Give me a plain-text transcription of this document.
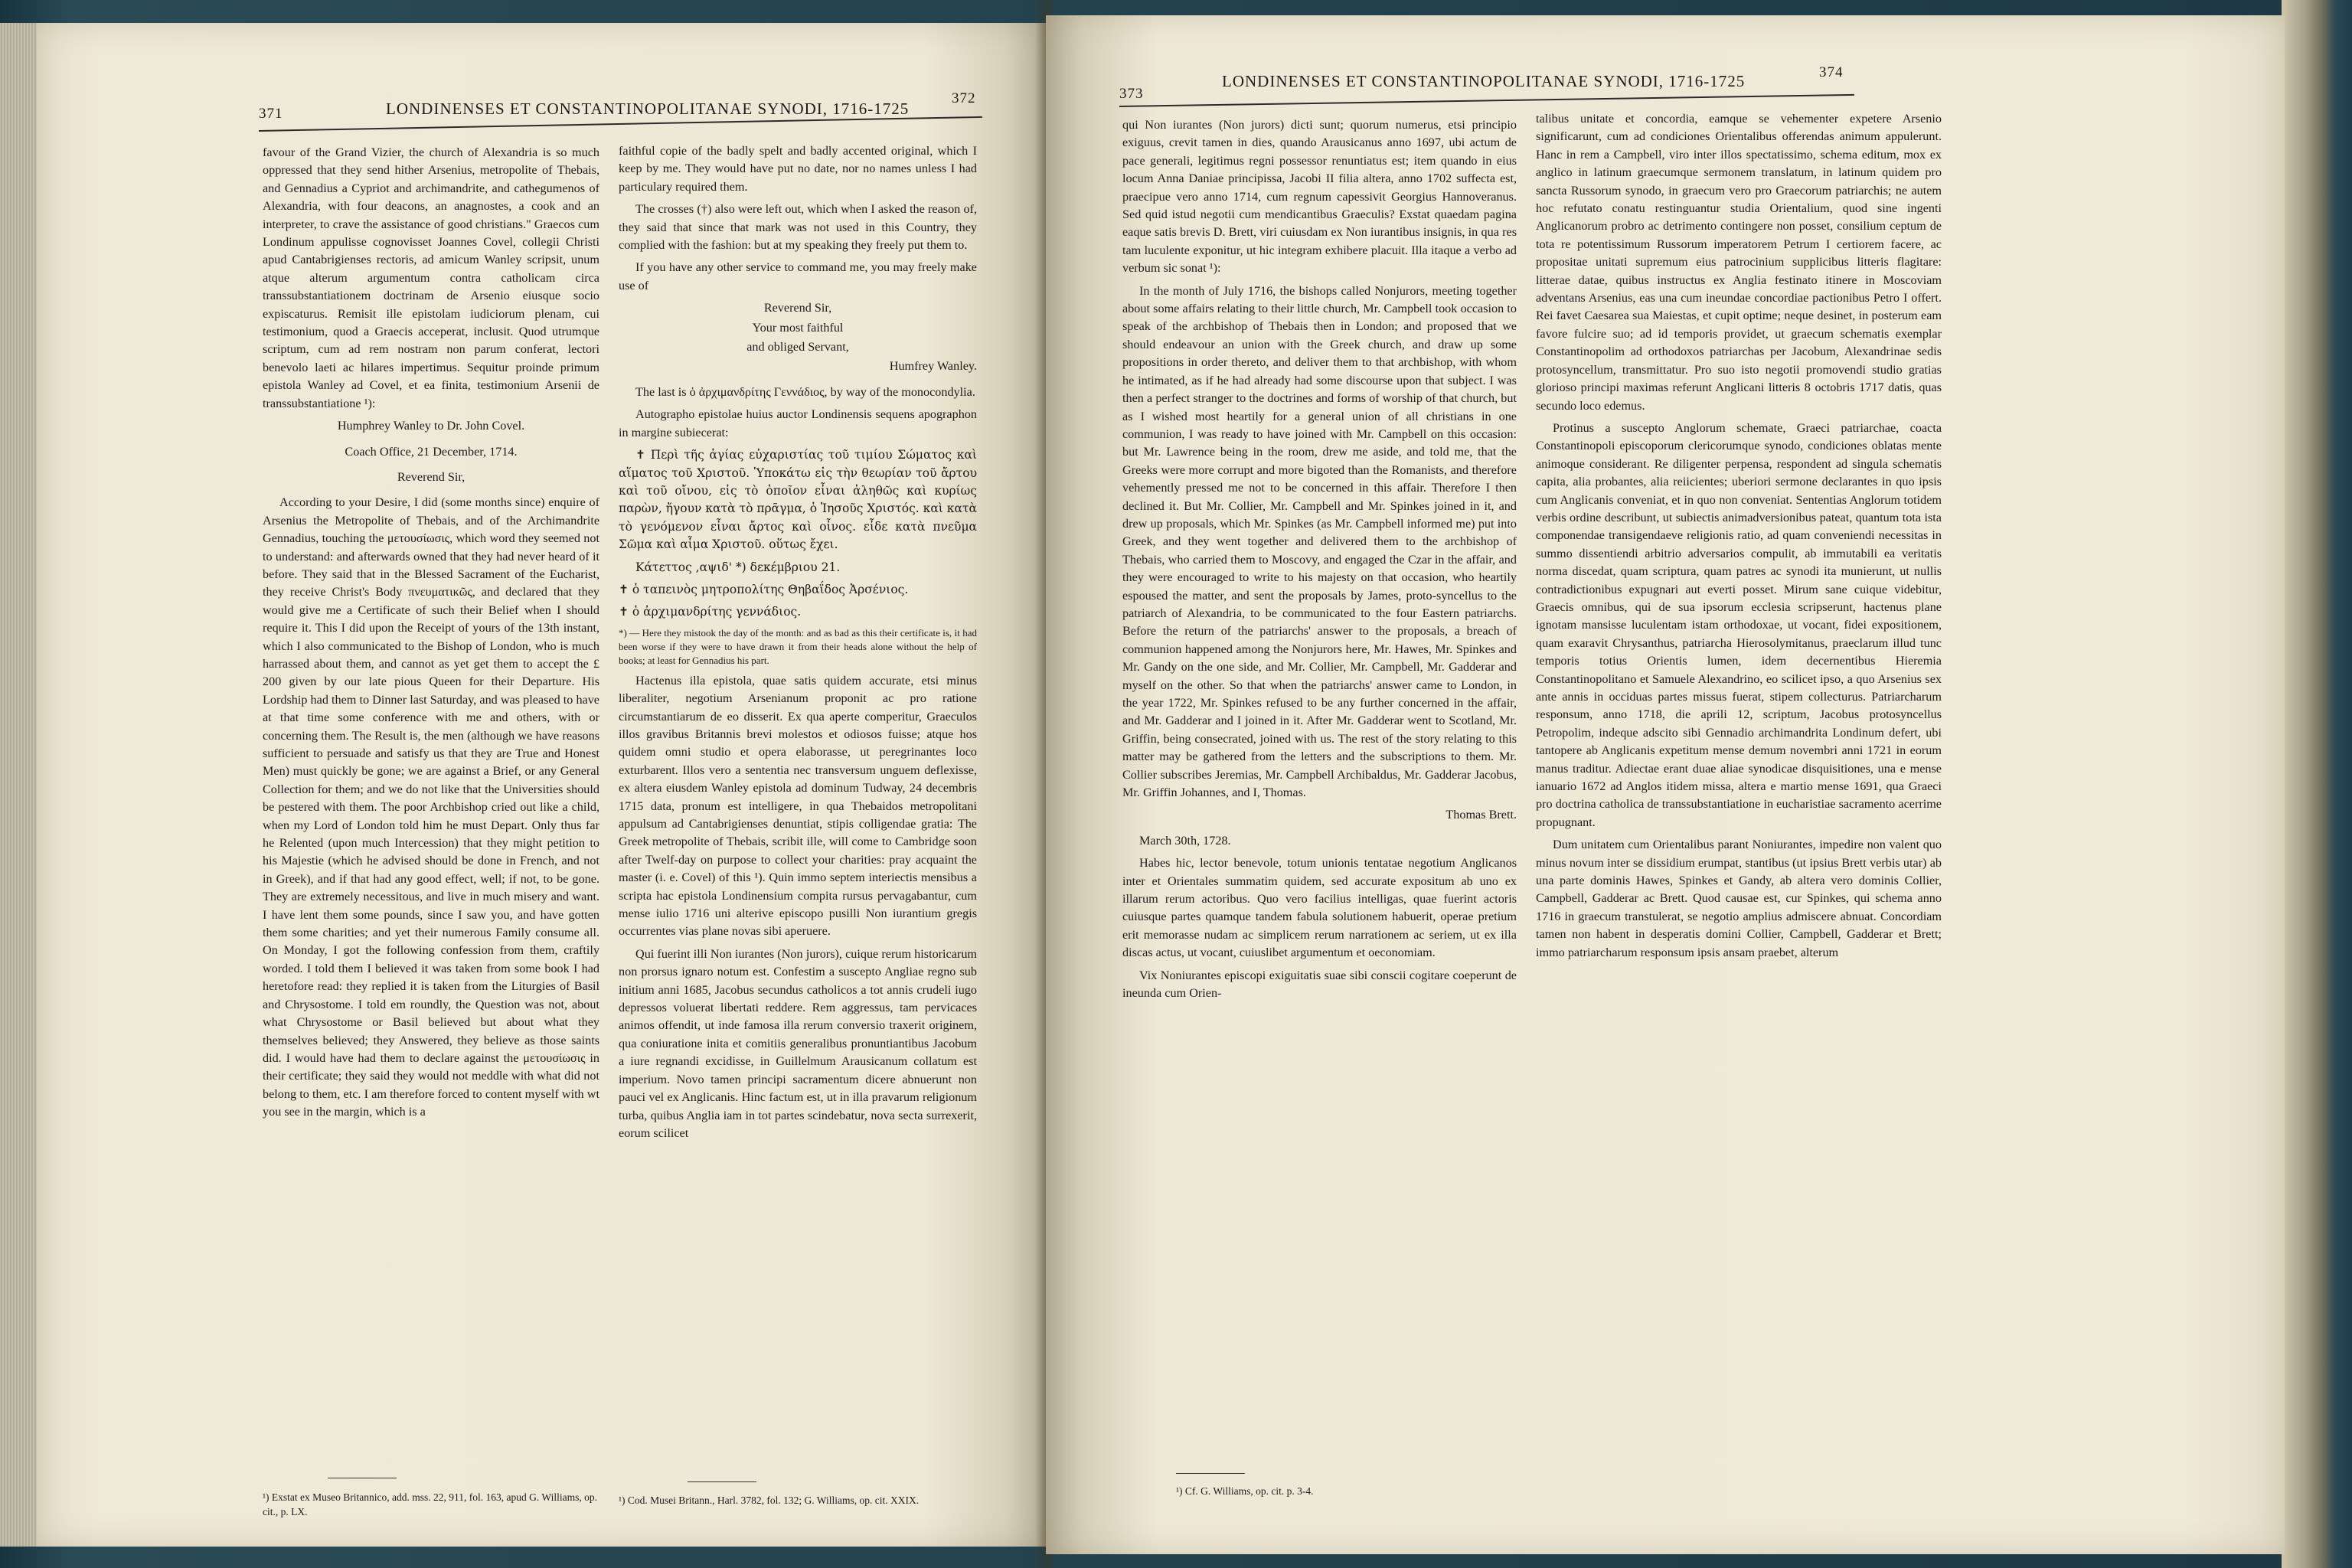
371	LONDINENSES ET CONSTANTINOPOLITANAE SYNODI, 1716-1725
372

favour of the Grand Vizier, the church of Alexandria is so much oppressed that they send hither Arsenius, metropolite of Thebais, and Gennadius a Cypriot and archimandrite, and cathegumenos of Alexandria, with four deacons, an anagnostes, a cook and an interpreter, to crave the assistance of good christians." Graecos cum Londinum appulisse cognovisset Joannes Covel, collegii Christi apud Cantabrigienses rectoris, ad amicum Wanley scripsit, unum atque alterum argumentum contra catholicam circa transsubstantiationem doctrinam de Arsenio eiusque socio expiscaturus. Remisit ille epistolam iudiciorum plenam, cui testimonium, quod a Graecis acceperat, inclusit. Quod utrumque scriptum, cum ad rem nostram non parum conferat, lectori benevolo laeti ac hilares impertimus. Sequitur proinde primum epistola Wanley ad Covel, et ea finita, testimonium Arsenii de transsubstantiatione ¹):

Humphrey Wanley to Dr. John Covel.

Coach Office, 21 December, 1714.

Reverend Sir,

According to your Desire, I did (some months since) enquire of Arsenius the Metropolite of Thebais, and of the Archimandrite Gennadius, touching the μετουσίωσις, which word they seemed not to understand: and afterwards owned that they had never heard of it before. They said that in the Blessed Sacrament of the Eucharist, they receive Christ's Body πνευματικῶς, and declared that they would give me a Certificate of such their Belief when I should require it. This I did upon the Receipt of yours of the 13th instant, which I also communicated to the Bishop of London, who is much harrassed about them, and cannot as yet get them to accept the £ 200 given by our late pious Queen for their Departure. His Lordship had them to Dinner last Saturday, and was pleased to have at that time some conference with me and others, with or concerning them. The Result is, the men (although we have reasons sufficient to persuade and satisfy us that they are True and Honest Men) must quickly be gone; we are against a Brief, or any General Collection for them; and we do not like that the Universities should be pestered with them. The poor Archbishop cried out like a child, when my Lord of London told him he must Depart. Only thus far he Relented (upon much Intercession) that they might petition to his Majestie (which he advised should be done in French, and not in Greek), and if that had any good effect, well; if not, to be gone. They are extremely necessitous, and live in much misery and want. I have lent them some pounds, since I saw you, and have gotten them some charities; and yet their numerous Family consume all. On Monday, I got the following confession from them, craftily worded. I told them I believed it was taken from some book I had heretofore read: they replied it is taken from the Liturgies of Basil and Chrysostome. I told em roundly, the Question was not, about what Chrysostome or Basil believed but about what they themselves believed; they Answered, they believe as those saints did. I would have had them to declare against the μετουσίωσις in their certificate; they said they would not meddle with what did not belong to them, etc. I am therefore forced to content myself with wt you see in the margin, which is a

¹) Exstat ex Museo Britannico, add. mss. 22, 911, fol. 163, apud G. Williams, op. cit., p. LX.

faithful copie of the badly spelt and badly accented original, which I keep by me. They would have put no date, nor no names unless I had particulary required them.

The crosses (†) also were left out, which when I asked the reason of, they said that since that mark was not used in this Country, they complied with the fashion: but at my speaking they freely put them to.

If you have any other service to command me, you may freely make use of

Reverend Sir,

Your most faithful

and obliged Servant,

Humfrey Wanley.

The last is ὁ ἀρχιμανδρίτης Γεννάδιος, by way of the monocondylia.

Autographo epistolae huius auctor Londinensis sequens apographon in margine subiecerat:

✝ Περὶ τῆς ἁγίας εὐχαριστίας τοῦ τιμίου Σώματος καὶ αἵματος τοῦ Χριστοῦ. Ὑποκάτω εἰς τὴν θεωρίαν τοῦ ἄρτου καὶ τοῦ οἴνου, εἰς τὸ ὁποῖον εἶναι ἀληθῶς καὶ κυρίως παρὼν, ἤγουν κατὰ τὸ πρᾶγμα, ὁ Ἰησοῦς Χριστός. καὶ κατὰ τὸ γενόμενον εἶναι ἄρτος καὶ οἶνος. εἶδε κατὰ πνεῦμα Σῶμα καὶ αἷμα Χριστοῦ. οὕτως ἔχει.

Κάτεττος ,αψιδ' *) δεκέμβριου 21.

✝ ὁ ταπεινὸς μητροπολίτης Θηβαΐδος Ἀρσένιος.

✝ ὁ ἀρχιμανδρίτης γεννάδιος.

*) — Here they mistook the day of the month: and as bad as this their certificate is, it had been worse if they were to have drawn it from their heads alone without the help of books; at least for Gennadius his part.

Hactenus illa epistola, quae satis quidem accurate, etsi minus liberaliter, negotium Arsenianum proponit ac pro ratione circumstantiarum de eo disserit. Ex qua aperte comperitur, Graeculos illos gravibus Britannis brevi molestos et odiosos fuisse; atque hos quidem omni studio et opera elaborasse, ut peregrinantes loco exturbarent. Illos vero a sententia nec transversum unguem deflexisse, ex altera eiusdem Wanley epistola ad dominum Tudway, 24 decembris 1715 data, pronum est intelligere, in qua Thebaidos metropolitani appulsum ad Cantabrigienses denuntiat, stipis colligendae gratia: The Greek metropolite of Thebais, scribit ille, will come to Cambridge soon after Twelf-day on purpose to collect your charities: pray acquaint the master (i. e. Covel) of this ¹). Quin immo septem interiectis mensibus a scripta hac epistola Londinensium compita rursus pervagabantur, cum mense iulio 1716 uni alterive episcopo pusilli Non iurantium gregis occurrentes vias plane novas sibi aperuere.

Qui fuerint illi Non iurantes (Non jurors), cuique rerum historicarum non prorsus ignaro notum est. Confestim a suscepto Angliae regno sub initium anni 1685, Jacobus secundus catholicos a tot annis crudeli iugo depressos voluerat libertati reddere. Rem aggressus, tam pervicaces animos offendit, ut inde famosa illa rerum conversio traxerit originem, qua coniuratione inita et comitiis generalibus pronuntiantibus Jacobum a iure regnandi excidisse, in Guillelmum Arausicanum collatum est imperium. Novo tamen principi sacramentum dicere abnuerunt non pauci vel ex Anglicanis. Hinc factum est, ut in illa pravarum religionum turba, quibus Anglia iam in tot partes scindebatur, nova secta surrexerit, eorum scilicet

¹) Cod. Musei Britann., Harl. 3782, fol. 132; G. Williams, op. cit. XXIX.
373
LONDINENSES ET CONSTANTINOPOLITANAE SYNODI, 1716-1725	374

qui Non iurantes (Non jurors) dicti sunt; quorum numerus, etsi principio exiguus, crevit tamen in dies, quando Arausicanus anno 1697, ubi actum de pace generali, legitimus regni possessor renuntiatus est; item quando in eius locum Anna Daniae principissa, Jacobi II filia altera, anno 1702 suffecta est, praecipue vero anno 1714, cum regnum capessivit Georgius Hannoveranus. Sed quid istud negotii cum mendicantibus Graeculis? Exstat quaedam pagina eaque satis brevis D. Brett, viri cuiusdam ex Non iurantibus insignis, in qua res tam luculente exponitur, ut hic integram exhibere placuit. Illa itaque a verbo ad verbum sic sonat ¹):

In the month of July 1716, the bishops called Nonjurors, meeting together about some affairs relating to their little church, Mr. Campbell took occasion to speak of the archbishop of Thebais then in London; and proposed that we should endeavour an union with the Greek church, and draw up some propositions in order thereto, and deliver them to that archbishop, with whom he intimated, as if he had already had some discourse upon that subject. I was then a perfect stranger to the doctrines and forms of worship of that church, but as I wished most heartily for a general union of all christians in one communion, I was ready to have joined with Mr. Campbell on this occasion: but Mr. Lawrence being in the room, drew me aside, and told me, that the Greeks were more corrupt and more bigoted than the Romanists, and therefore vehemently pressed me not to be concerned in this affair. Therefore I then declined it. But Mr. Collier, Mr. Campbell and Mr. Spinkes joined in it, and drew up proposals, which Mr. Spinkes (as Mr. Campbell informed me) put into Greek, and they went together and delivered them to the archbishop of Thebais, who carried them to Moscovy, and engaged the Czar in the affair, and they were encouraged to write to his majesty on that occasion, who heartily espoused the matter, and sent the proposals by James, proto-syncellus to the patriarch of Alexandria, to be communicated to the four Eastern patriarchs. Before the return of the patriarchs' answer to the proposals, a breach of communion happened among the Nonjurors here, Mr. Hawes, Mr. Spinkes and Mr. Gandy on the one side, and Mr. Collier, Mr. Campbell, Mr. Gadderar and myself on the other. So that when the patriarchs' answer came to London, in the year 1722, Mr. Spinkes refused to be any further concerned in the affair, and Mr. Gadderar and I joined in it. After Mr. Gadderar went to Scotland, Mr. Griffin, being consecrated, joined with us. The rest of the story relating to this matter may be gathered from the letters and the subscriptions to them. Mr. Collier subscribes Jeremias, Mr. Campbell Archibaldus, Mr. Gadderar Jacobus, Mr. Griffin Johannes, and I, Thomas.

Thomas Brett.

March 30th, 1728.

Habes hic, lector benevole, totum unionis tentatae negotium Anglicanos inter et Orientales summatim quidem, sed accurate expositum ab uno ex illarum rerum actoribus. Quo vero facilius intelligas, quae fuerint actoris cuiusque partes quamque tandem fabula solutionem habuerit, operae pretium erit memorasse nudam ac simplicem rerum narrationem ac seriem, ut ex illa discas actus, ut vocant, cuiuslibet argumentum et oeconomiam.

Vix Noniurantes episcopi exiguitatis suae sibi conscii cogitare coeperunt de ineunda cum Orien-

¹) Cf. G. Williams, op. cit. p. 3-4.

talibus unitate et concordia, eamque se vehementer expetere Arsenio significarunt, cum ad condiciones Orientalibus offerendas animum appulerunt. Hanc in rem a Campbell, viro inter illos spectatissimo, schema editum, mox ex anglico in latinum graecumque sermonem translatum, in latinum quidem pro sancta Russorum synodo, in graecum vero pro Graecorum patriarchis; ne autem hoc refutato conatu restinguantur studia Orientalium, quod sine ingenti Anglicanorum probro ac detrimento contingere non posset, consilium ceptum de tota re potentissimum Russorum imperatorem Petrum I certiorem facere, ac propositae unitati supremum eius patrocinium supplicibus litteris flagitare: litterae datae, quibus instructus ex Anglia festinato itinere in Moscoviam adventans Arsenius, eas una cum ineundae concordiae pactionibus Petro I offert. Rei favet Caesarea sua Maiestas, et cupit optime; neque desinet, in posterum eam favore fulcire suo; ad id temporis providet, ut graecum schematis exemplar Constantinopolim ad orthodoxos patriarchas per Jacobum, Alexandrinae sedis protosyncellum, transmittatur. Pro suo isto negotii promovendi studio gratias glorioso principi maximas referunt Anglicani litteris 8 octobris 1717 datis, quas secundo loco edemus.

Protinus a suscepto Anglorum schemate, Graeci patriarchae, coacta Constantinopoli episcoporum clericorumque synodo, condiciones oblatas mente animoque considerant. Re diligenter perpensa, respondent ad singula schematis capita, alia probantes, alia reiicientes; uberiori sermone declarantes in quo ipsis cum Anglicanis conveniat, et in quo non conveniat. Sententias Anglorum totidem verbis ordine describunt, ut subiectis animadversionibus pateat, quantum tota ista componendae transigendaeve religionis ratio, ad quam conveniendi necessitas in summo dissentiendi arbitrio adversarios compulit, ab immutabili ea veritatis norma discedat, quam scriptura, quam patres ac synodi ita munierunt, ut nullis contradictionibus expugnari aut everti posset. Mirum sane cuique videbitur, Graecis omnibus, qui de sua ipsorum ecclesia scripserunt, hactenus plane ignotam mansisse luculentam istam orthodoxae, ut vocant, fidei expositionem, quam exaravit Chrysanthus, patriarcha Hierosolymitanus, praeclarum illud tunc temporis totius Orientis lumen, idem decernentibus Hieremia Constantinopolitano et Samuele Alexandrino, eo scilicet ipso, a quo Arsenius sex ante annis in occiduas partes missus fuerat, stipem collecturus. Patriarcharum responsum, anno 1718, die aprili 12, scriptum, Jacobus protosyncellus Petropolim, indeque adscito sibi Gennadio archimandrita Londinum defert, ubi tantopere ab Anglicanis expetitum mense demum novembri anni 1721 in eorum manus traditur. Adiectae erant duae aliae synodicae disquisitiones, una e mense ianuario 1672 ad Anglos itidem missa, altera e martio mense 1691, qua Graeci pro doctrina catholica de transsubstantiatione in eucharistiae sacramento acerrime propugnant.

Dum unitatem cum Orientalibus parant Noniurantes, impedire non valent quo minus novum inter se dissidium erumpat, stantibus (ut ipsius Brett verbis utar) ab una parte dominis Hawes, Spinkes et Gandy, ab altera vero dominis Collier, Campbell, Gadderar ac Brett. Quod causae est, cur Spinkes, qui schema anno 1716 in graecum transtulerat, se negotio amplius admiscere abnuat. Concordiam tamen non habent in desperatis domini Collier, Campbell, Gadderar et Brett; immo patriarcharum responsum ipsis ansam praebet, alterum
